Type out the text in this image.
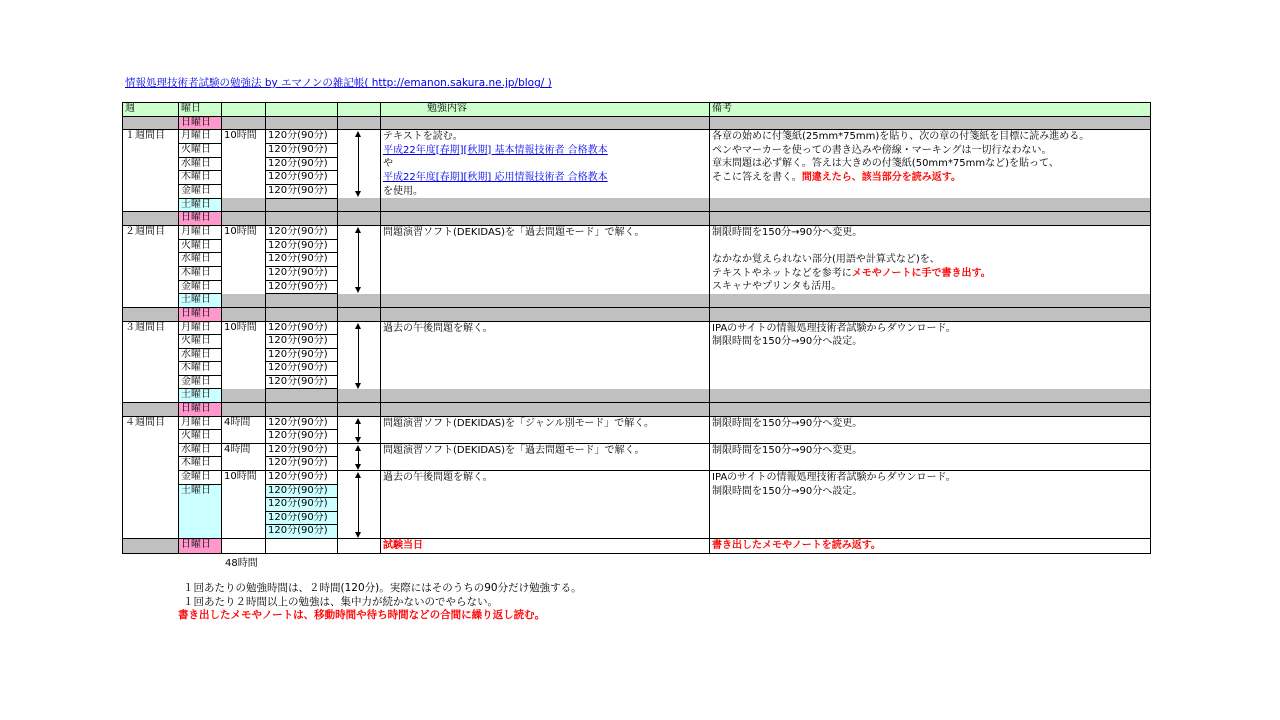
情報処理技術者試験の勉強法 by エマノンの雑記帳( http://emanon.sakura.ne.jp/blog/ )
週	曜日				勉強内容	備考
	日曜日					
１週間目	月曜日	10時間	120分(90分)		テキストを読む。
平成22年度[春期][秋期] 基本情報技術者 合格教本
や
平成22年度[春期][秋期] 応用情報技術者 合格教本
を使用。	各章の始めに付箋紙(25mm*75mm)を貼り、次の章の付箋紙を目標に読み進める。
ペンやマーカーを使っての書き込みや傍線・マーキングは一切行なわない。
章末問題は必ず解く。答えは大きめの付箋紙(50mm*75mmなど)を貼って、
そこに答えを書く。間違えたら、該当部分を読み返す。

	火曜日		120分(90分)			
	水曜日		120分(90分)			
	木曜日		120分(90分)			
	金曜日		120分(90分)			
	土曜日					
	日曜日					
２週間目	月曜日	10時間	120分(90分)		問題演習ソフト(DEKIDAS)を「過去問題モード」で解く。	制限時間を150分→90分へ変更。
なかなか覚えられない部分(用語や計算式など)を、
テキストやネットなどを参考にメモやノートに手で書き出す。
スキャナやプリンタも活用。

	火曜日		120分(90分)			
	水曜日		120分(90分)			
	木曜日		120分(90分)			
	金曜日		120分(90分)			
	土曜日					
	日曜日					
３週間目	月曜日	10時間	120分(90分)		過去の午後問題を解く。	IPAのサイトの情報処理技術者試験からダウンロード。
制限時間を150分→90分へ設定。

	火曜日		120分(90分)			
	水曜日		120分(90分)			
	木曜日		120分(90分)			
	金曜日		120分(90分)			
	土曜日					
	日曜日					
４週間目	月曜日	4時間	120分(90分)		問題演習ソフト(DEKIDAS)を「ジャンル別モード」で解く。	制限時間を150分→90分へ変更。

	火曜日		120分(90分)			
	水曜日	4時間	120分(90分)		問題演習ソフト(DEKIDAS)を「過去問題モード」で解く。	制限時間を150分→90分へ変更。

	木曜日		120分(90分)			
	金曜日	10時間	120分(90分)		過去の午後問題を解く。	IPAのサイトの情報処理技術者試験からダウンロード。
制限時間を150分→90分へ設定。

	土曜日		120分(90分)			
			120分(90分)			
			120分(90分)			
			120分(90分)			
	日曜日				試験当日	書き出したメモやノートを読み返す。
48時間
１回あたりの勉強時間は、２時間(120分)。実際にはそのうちの90分だけ勉強する。
１回あたり２時間以上の勉強は、集中力が続かないのでやらない。
書き出したメモやノートは、移動時間や待ち時間などの合間に繰り返し読む。
